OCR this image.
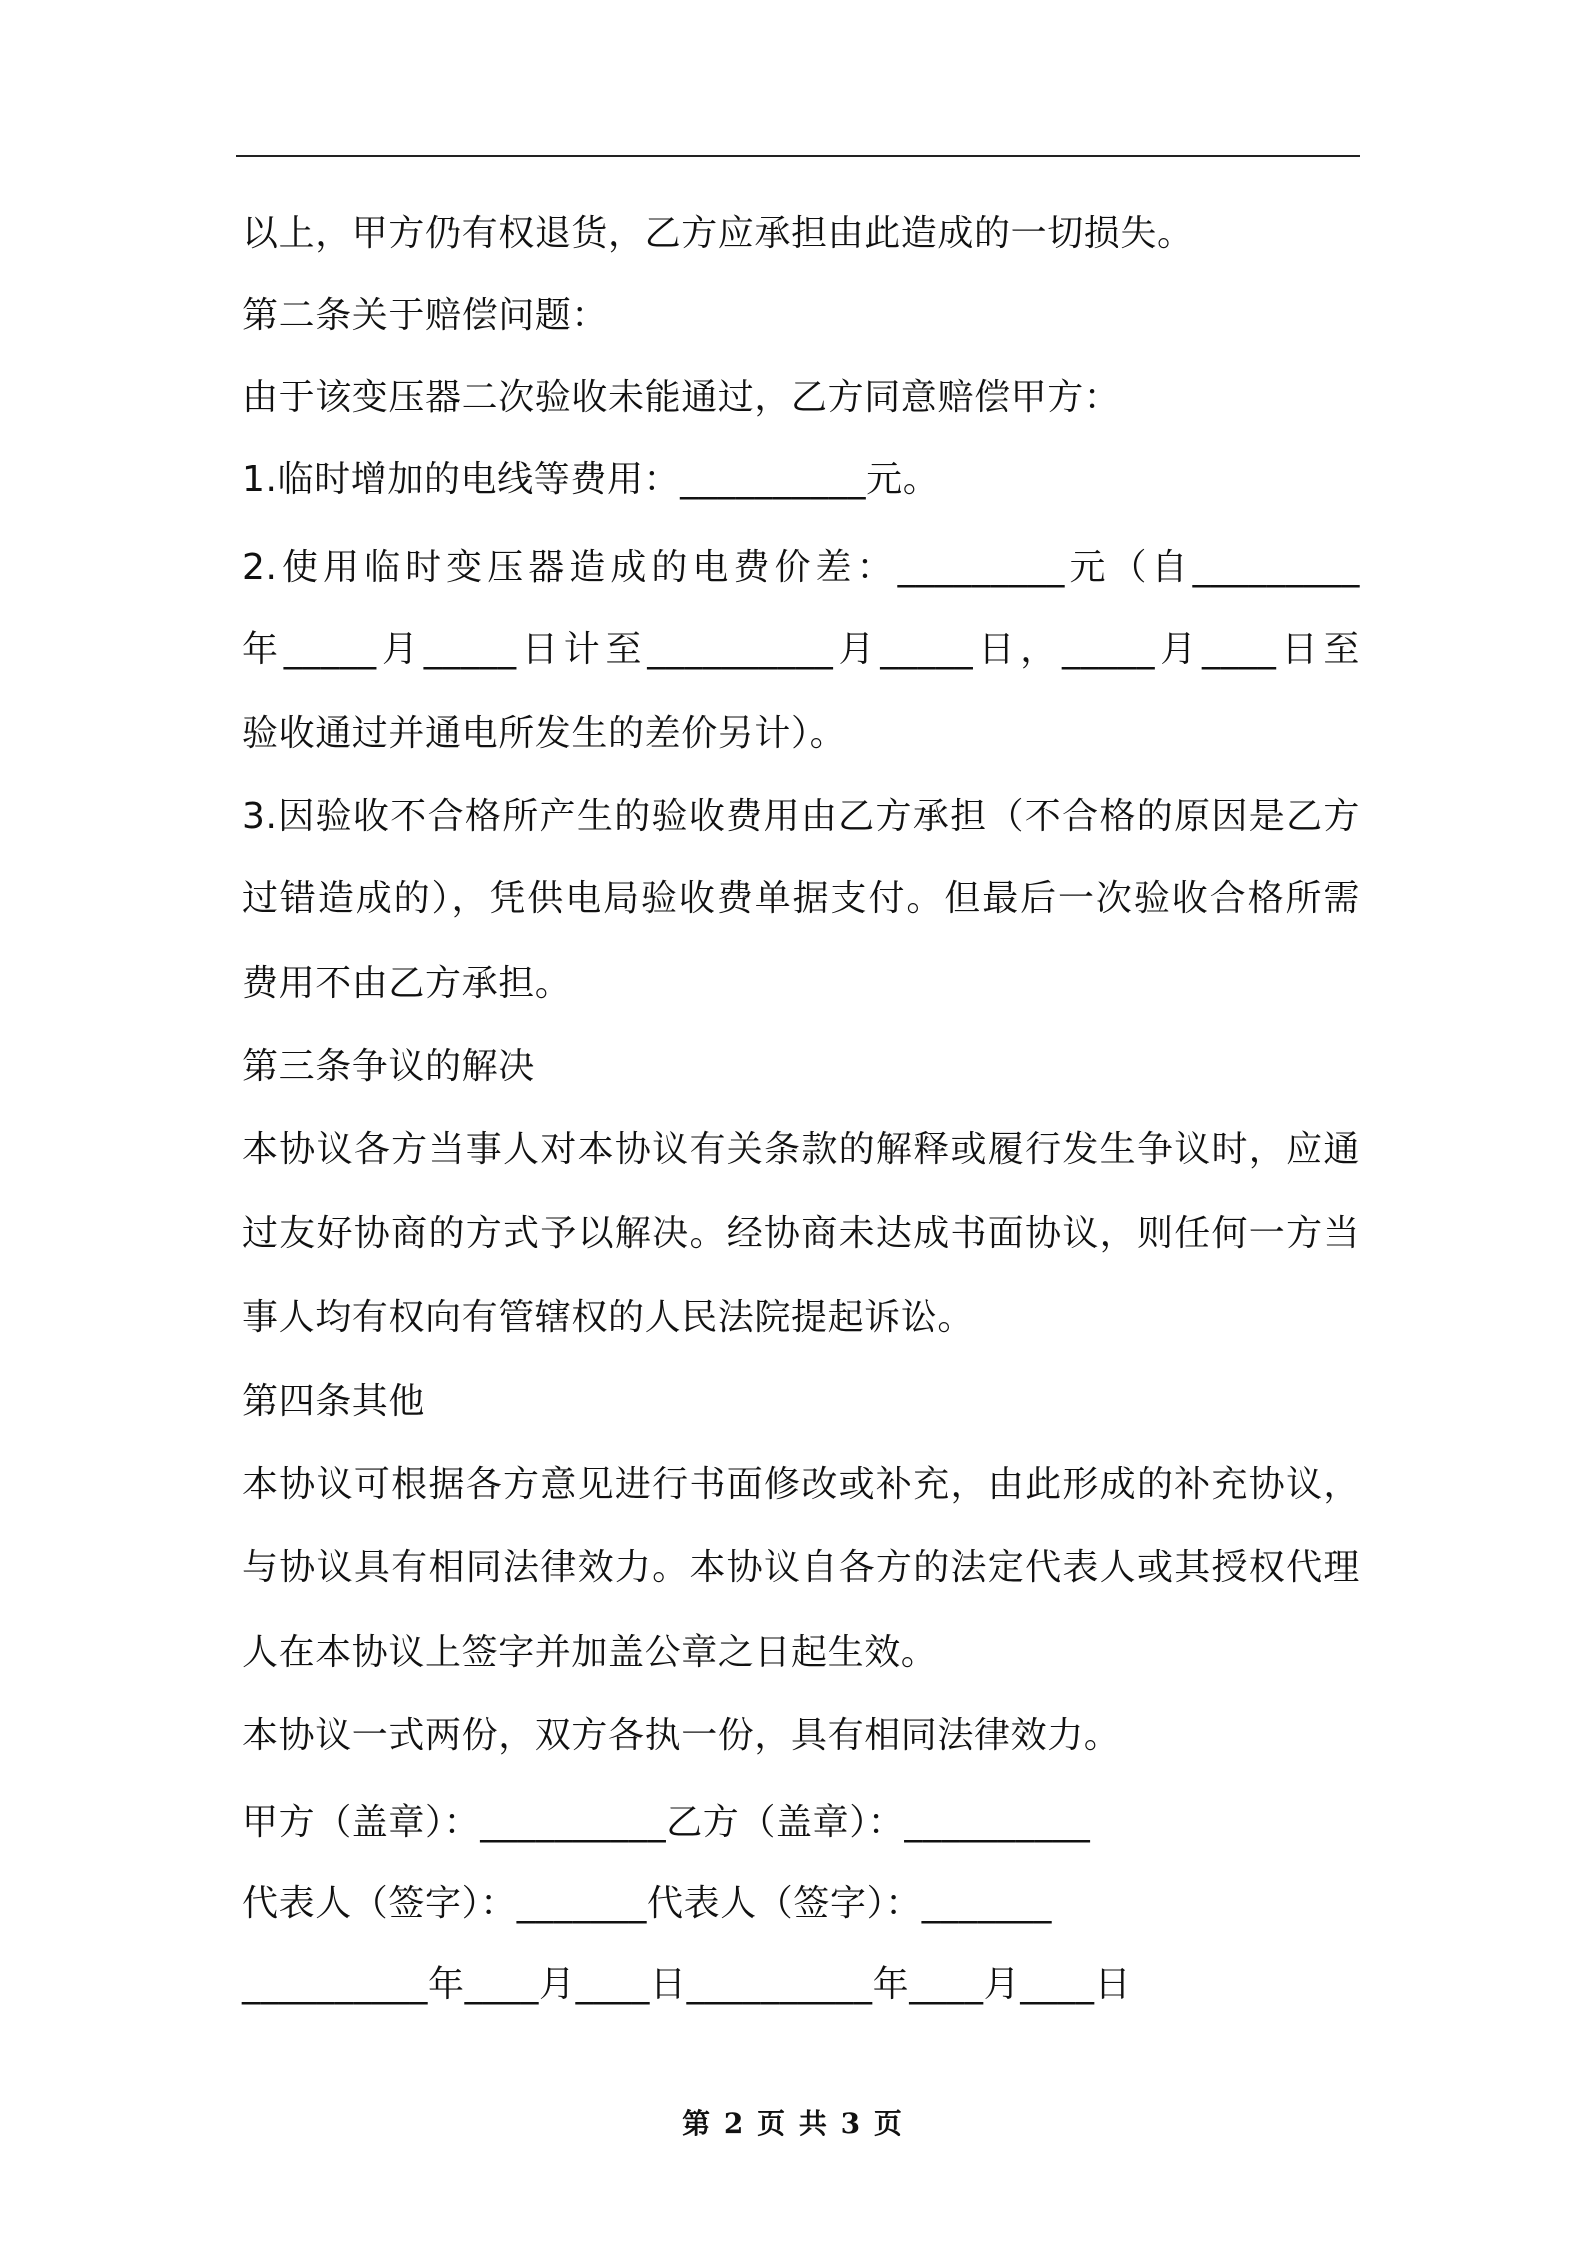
以上，甲方仍有权退货，乙方应承担由此造成的一切损失。
第二条关于赔偿问题：
由于该变压器二次验收未能通过，乙方同意赔偿甲方：
1.临时增加的电线等费用：__________元。
2.使用临时变压器造成的电费价差：_________元（自_________
年_____月_____日计至__________月_____日，_____月____日至
验收通过并通电所发生的差价另计）。
3.因验收不合格所产生的验收费用由乙方承担（不合格的原因是乙方
过错造成的），凭供电局验收费单据支付。但最后一次验收合格所需
费用不由乙方承担。
第三条争议的解决
本协议各方当事人对本协议有关条款的解释或履行发生争议时，应通
过友好协商的方式予以解决。经协商未达成书面协议，则任何一方当
事人均有权向有管辖权的人民法院提起诉讼。
第四条其他
本协议可根据各方意见进行书面修改或补充，由此形成的补充协议，
与协议具有相同法律效力。本协议自各方的法定代表人或其授权代理
人在本协议上签字并加盖公章之日起生效。
本协议一式两份，双方各执一份，具有相同法律效力。
甲方（盖章）：__________乙方（盖章）：__________
代表人（签字）：_______代表人（签字）：_______
__________年____月____日__________年____月____日
第 2 页 共 3 页
